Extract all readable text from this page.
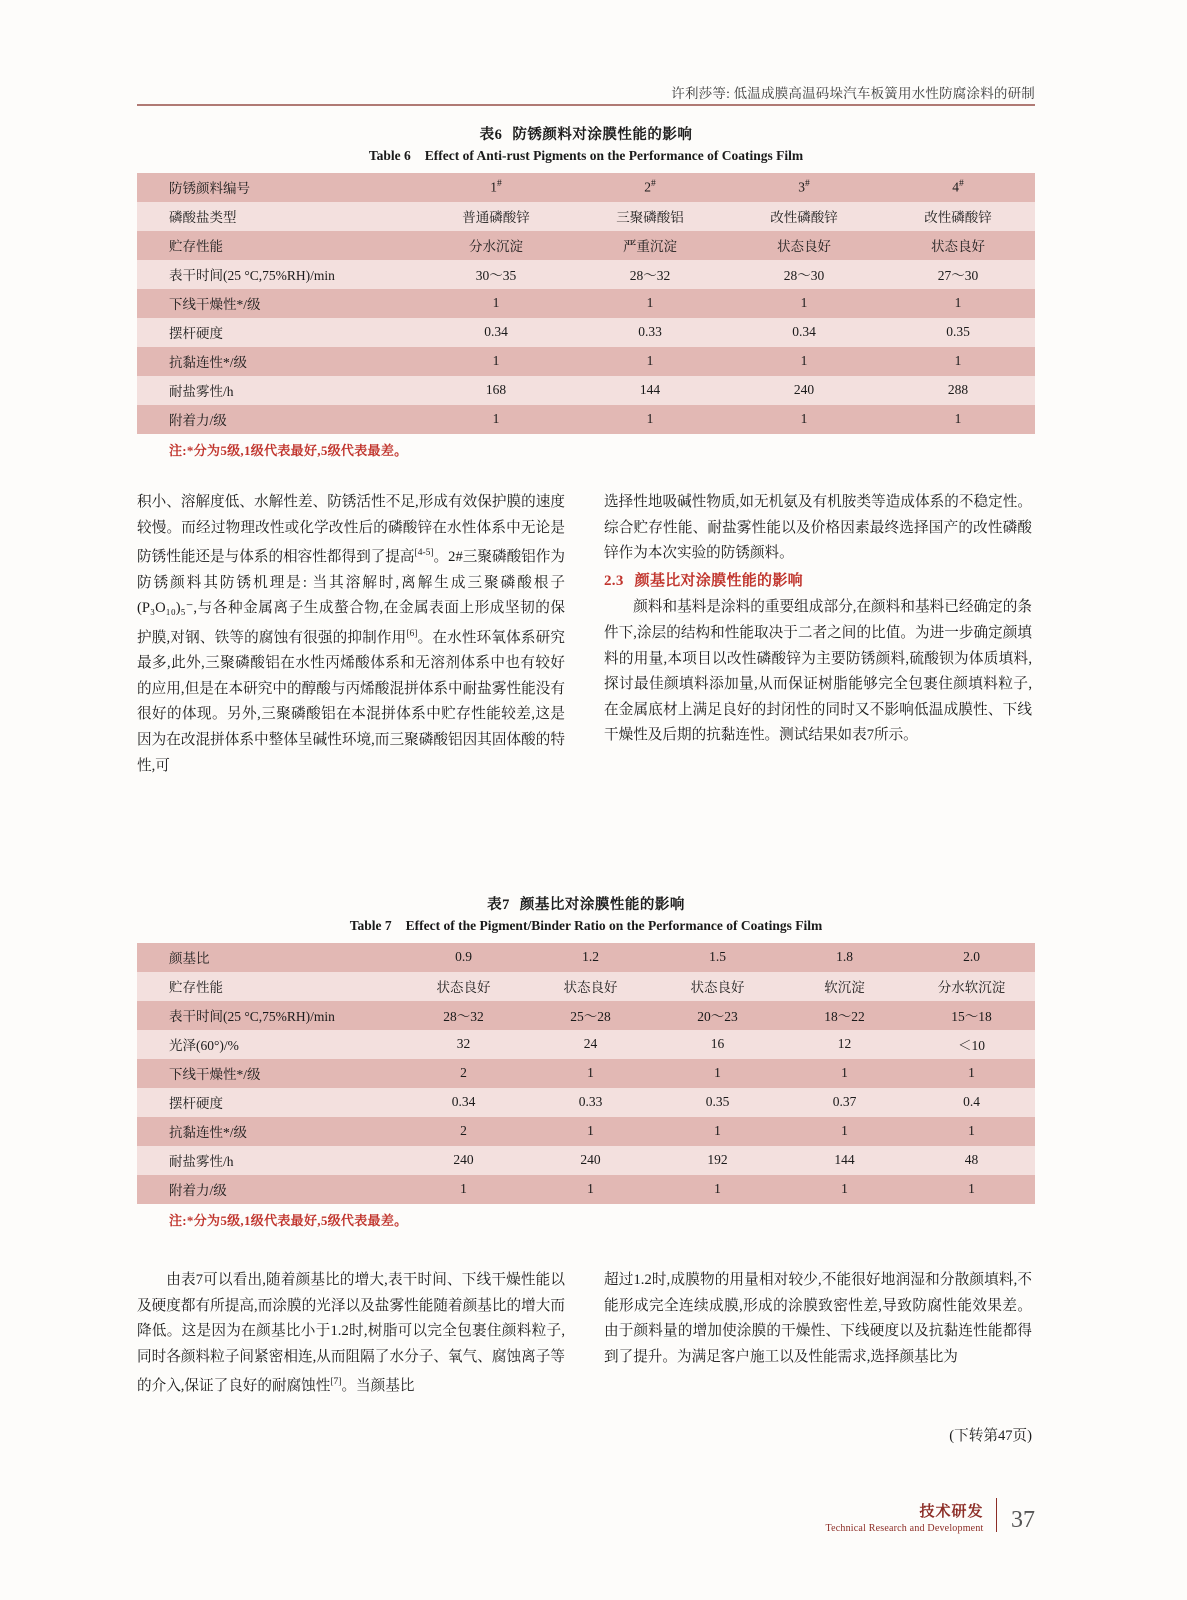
许利莎等: 低温成膜高温码垛汽车板簧用水性防腐涂料的研制
表6 防锈颜料对涂膜性能的影响
Table 6 Effect of Anti-rust Pigments on the Performance of Coatings Film
防锈颜料编号	1#	2#	3#	4#
磷酸盐类型	普通磷酸锌	三聚磷酸铝	改性磷酸锌	改性磷酸锌
贮存性能	分水沉淀	严重沉淀	状态良好	状态良好
表干时间(25 °C,75%RH)/min	30～35	28～32	28～30	27～30
下线干燥性*/级	1	1	1	1
摆杆硬度	0.34	0.33	0.34	0.35
抗黏连性*/级	1	1	1	1
耐盐雾性/h	168	144	240	288
附着力/级	1	1	1	1
注:*分为5级,1级代表最好,5级代表最差。
积小、溶解度低、水解性差、防锈活性不足,形成有效保护膜的速度较慢。而经过物理改性或化学改性后的磷酸锌在水性体系中无论是防锈性能还是与体系的相容性都得到了提高[4-5]。2#三聚磷酸铝作为防锈颜料其防锈机理是: 当其溶解时,离解生成三聚磷酸根子(P₃O₁₀)₅⁻,与各种金属离子生成螯合物,在金属表面上形成坚韧的保护膜,对钢、铁等的腐蚀有很强的抑制作用[6]。在水性环氧体系研究最多,此外,三聚磷酸铝在水性丙烯酸体系和无溶剂体系中也有较好的应用,但是在本研究中的醇酸与丙烯酸混拼体系中耐盐雾性能没有很好的体现。另外,三聚磷酸铝在本混拼体系中贮存性能较差,这是因为在改混拼体系中整体呈碱性环境,而三聚磷酸铝因其固体酸的特性,可
选择性地吸碱性物质,如无机氨及有机胺类等造成体系的不稳定性。综合贮存性能、耐盐雾性能以及价格因素最终选择国产的改性磷酸锌作为本次实验的防锈颜料。
2.3 颜基比对涂膜性能的影响
颜料和基料是涂料的重要组成部分,在颜料和基料已经确定的条件下,涂层的结构和性能取决于二者之间的比值。为进一步确定颜填料的用量,本项目以改性磷酸锌为主要防锈颜料,硫酸钡为体质填料,探讨最佳颜填料添加量,从而保证树脂能够完全包裹住颜填料粒子,在金属底材上满足良好的封闭性的同时又不影响低温成膜性、下线干燥性及后期的抗黏连性。测试结果如表7所示。
表7 颜基比对涂膜性能的影响
Table 7 Effect of the Pigment/Binder Ratio on the Performance of Coatings Film
颜基比	0.9	1.2	1.5	1.8	2.0
贮存性能	状态良好	状态良好	状态良好	软沉淀	分水软沉淀
表干时间(25 °C,75%RH)/min	28～32	25～28	20～23	18～22	15～18
光泽(60°)/%	32	24	16	12	＜10
下线干燥性*/级	2	1	1	1	1
摆杆硬度	0.34	0.33	0.35	0.37	0.4
抗黏连性*/级	2	1	1	1	1
耐盐雾性/h	240	240	192	144	48
附着力/级	1	1	1	1	1
注:*分为5级,1级代表最好,5级代表最差。
由表7可以看出,随着颜基比的增大,表干时间、下线干燥性能以及硬度都有所提高,而涂膜的光泽以及盐雾性能随着颜基比的增大而降低。这是因为在颜基比小于1.2时,树脂可以完全包裹住颜料粒子,同时各颜料粒子间紧密相连,从而阻隔了水分子、氧气、腐蚀离子等的介入,保证了良好的耐腐蚀性[7]。当颜基比
超过1.2时,成膜物的用量相对较少,不能很好地润湿和分散颜填料,不能形成完全连续成膜,形成的涂膜致密性差,导致防腐性能效果差。由于颜料量的增加使涂膜的干燥性、下线硬度以及抗黏连性能都得到了提升。为满足客户施工以及性能需求,选择颜基比为
(下转第47页)
技术研发
Technical Research and Development 37
